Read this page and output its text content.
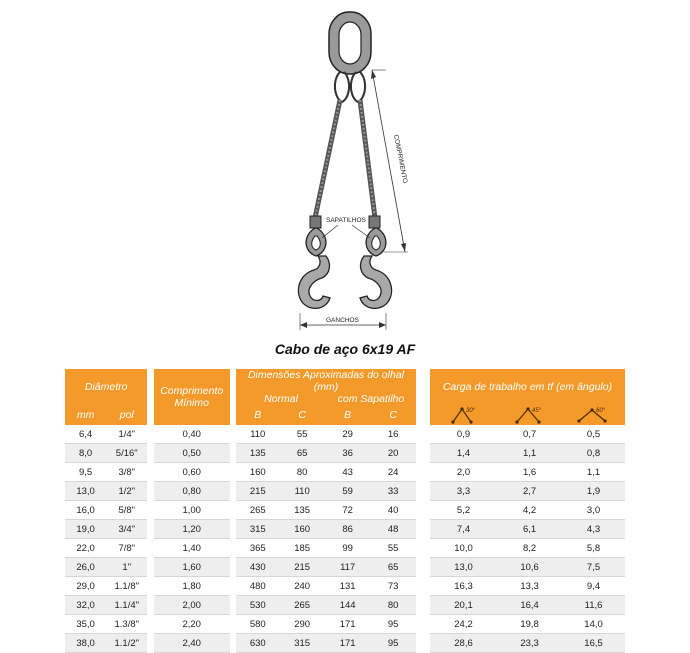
COMPRIMENTO
SAPATILHOS
GANCHOS
Cabo de aço 6x19 AF
Diâmetro			Comprimento Mínimo		Dimensões Aproximadas do olhal (mm)
Normal com Sapatilho					Carga de trabalho em tf (em ângulo)		
mm	pol				B	C	B	C		30°	45°	60°

6,4	1/4"		0,40		110	55	29	16		0,9	0,7	0,5
8,0	5/16"		0,50		135	65	36	20		1,4	1,1	0,8
9,5	3/8"		0,60		160	80	43	24		2,0	1,6	1,1
13,0	1/2"		0,80		215	110	59	33		3,3	2,7	1,9
16,0	5/8"		1,00		265	135	72	40		5,2	4,2	3,0
19,0	3/4"		1,20		315	160	86	48		7,4	6,1	4,3
22,0	7/8"		1,40		365	185	99	55		10,0	8,2	5,8
26,0	1"		1,60		430	215	117	65		13,0	10,6	7,5
29,0	1.1/8"		1,80		480	240	131	73		16,3	13,3	9,4
32,0	1.1/4"		2,00		530	265	144	80		20,1	16,4	11,6
35,0	1.3/8"		2,20		580	290	171	95		24,2	19,8	14,0
38,0	1.1/2"		2,40		630	315	171	95		28,6	23,3	16,5
